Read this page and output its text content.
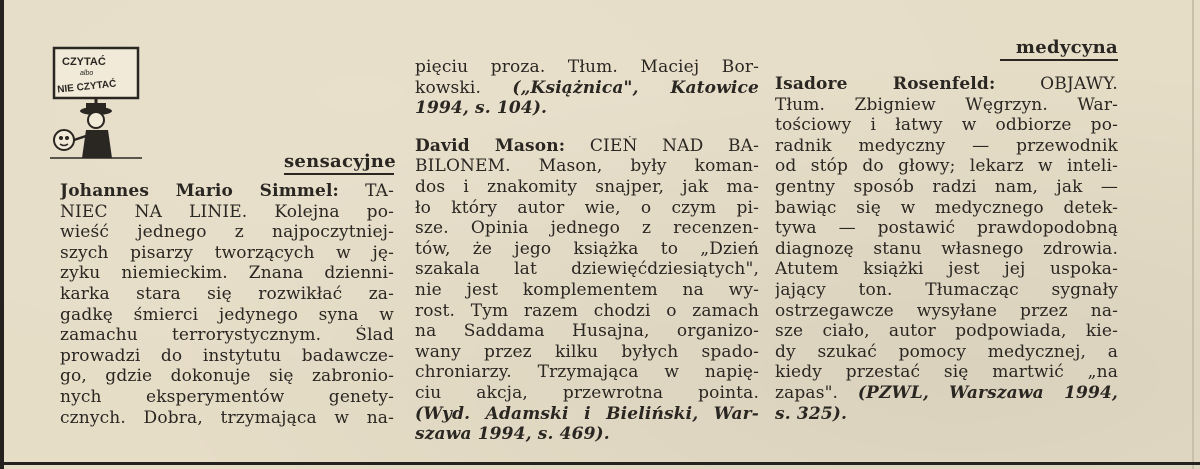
CZYTAĆ
albo
NIE CZYTAĆ
sensacyjne
Johannes Mario Simmel: TA-
NIEC NA LINIE. Kolejna po-
wieść jednego z najpoczytniej-
szych pisarzy tworzących w ję-
zyku niemieckim. Znana dzienni-
karka stara się rozwikłać za-
gadkę śmierci jedynego syna w
zamachu terrorystycznym. Ślad
prowadzi do instytutu badawcze-
go, gdzie dokonuje się zabronio-
nych eksperymentów genety-
cznych. Dobra, trzymająca w na-
pięciu proza. Tłum. Maciej Bor-
kowski. („Książnica", Katowice
1994, s. 104).
David Mason: CIEŃ NAD BA-
BILONEM. Mason, były koman-
dos i znakomity snajper, jak ma-
ło który autor wie, o czym pi-
sze. Opinia jednego z recenzen-
tów, że jego książka to „Dzień
szakala lat dziewięćdziesiątych",
nie jest komplementem na wy-
rost. Tym razem chodzi o zamach
na Saddama Husajna, organizo-
wany przez kilku byłych spado-
chroniarzy. Trzymająca w napię-
ciu akcja, przewrotna pointa.
(Wyd. Adamski i Bieliński, War-
szawa 1994, s. 469).
medycyna
Isadore Rosenfeld: OBJAWY.
Tłum. Zbigniew Węgrzyn. War-
tościowy i łatwy w odbiorze po-
radnik medyczny — przewodnik
od stóp do głowy; lekarz w inteli-
gentny sposób radzi nam, jak —
bawiąc się w medycznego detek-
tywa — postawić prawdopodobną
diagnozę stanu własnego zdrowia.
Atutem książki jest jej uspoka-
jający ton. Tłumacząc sygnały
ostrzegawcze wysyłane przez na-
sze ciało, autor podpowiada, kie-
dy szukać pomocy medycznej, a
kiedy przestać się martwić „na
zapas". (PZWL, Warszawa 1994,
s. 325).
